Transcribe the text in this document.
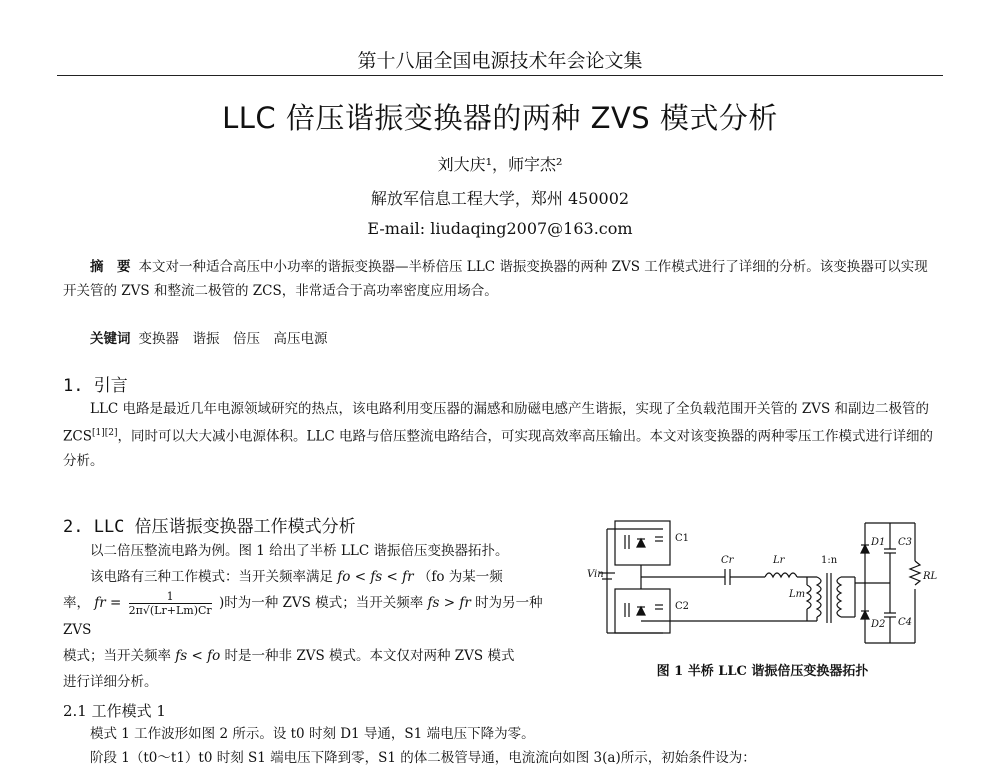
第十八届全国电源技术年会论文集
LLC 倍压谐振变换器的两种 ZVS 模式分析
刘大庆¹，师宇杰²
解放军信息工程大学，郑州 450002
E-mail: liudaqing2007@163.com
摘　要 本文对一种适合高压中小功率的谐振变换器—半桥倍压 LLC 谐振变换器的两种 ZVS 工作模式进行了详细的分析。该变换器可以实现开关管的 ZVS 和整流二极管的 ZCS，非常适合于高功率密度应用场合。
关键词 变换器　谐振　倍压　高压电源
1. 引言
LLC 电路是最近几年电源领域研究的热点，该电路利用变压器的漏感和励磁电感产生谐振，实现了全负载范围开关管的 ZVS 和副边二极管的 ZCS[1][2]，同时可以大大减小电源体积。LLC 电路与倍压整流电路结合，可实现高效率高压输出。本文对该变换器的两种零压工作模式进行详细的分析。
2. LLC 倍压谐振变换器工作模式分析
以二倍压整流电路为例。图 1 给出了半桥 LLC 谐振倍压变换器拓扑。
该电路有三种工作模式：当开关频率满足 fo < fs < fr （fo 为某一频
率， fr = $\frac{1}{2\pi√(Lr+Lm)Cr}$ )时为一种 ZVS 模式；当开关频率 fs > fr 时为另一种 ZVS
模式；当开关频率 fs < fo 时是一种非 ZVS 模式。本文仅对两种 ZVS 模式
进行详细分析。
Vin
C1
C2
Cr	Lr
Lm
1:n
D1
D2
C3
C4
RL
图 1 半桥 LLC 谐振倍压变换器拓扑
2.1 工作模式 1
模式 1 工作波形如图 2 所示。设 t0 时刻 D1 导通，S1 端电压下降为零。
阶段 1（t0～t1）t0 时刻 S1 端电压下降到零，S1 的体二极管导通，电流流向如图 3(a)所示，初始条件设为：
